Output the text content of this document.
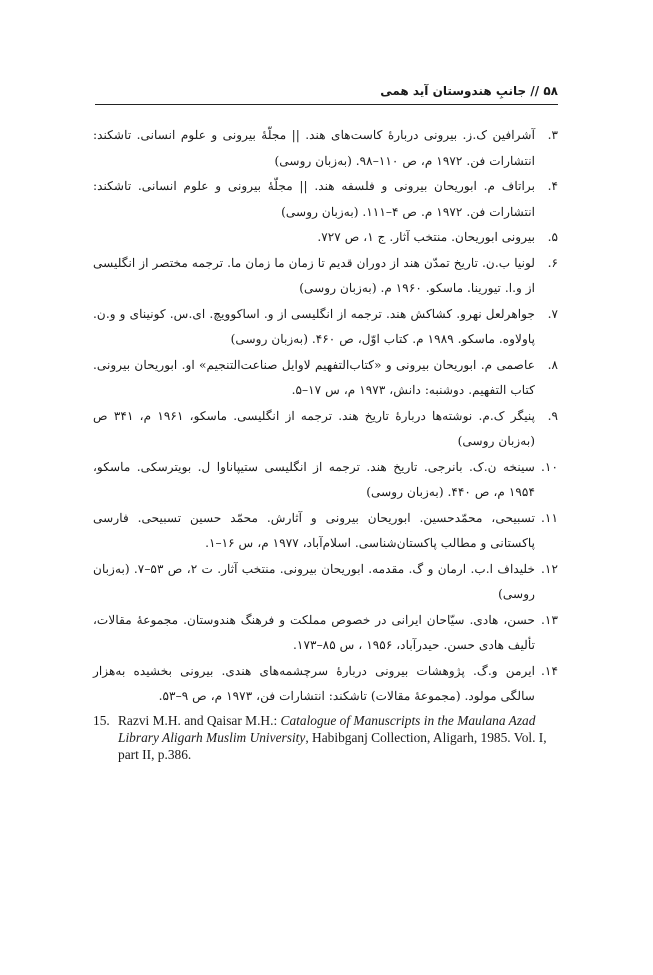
۵۸ // جانبِ هندوستان آید همی
۳.
آشرافین ک.ز. بیرونی دربارۀ کاست‌های هند. || مجلّۀ بیرونی و علوم انسانی. تاشکند: انتشارات فن. ۱۹۷۲ م، ص ۱۱۰–۹۸. (به‌زبان روسی)
۴.
براتاف م. ابوریحان بیرونی و فلسفه هند. || مجلّۀ بیرونی و علوم انسانی. تاشکند: انتشارات فن. ۱۹۷۲ م. ص ۴–۱۱۱. (به‌زبان روسی)
۵.
بیرونی ابوریحان. منتخب آثار. ج ۱، ص ۷۲۷.
۶.
لونیا ب.ن. تاریخ تمدّن هند از دوران قدیم تا زمان ما زمان ما. ترجمه مختصر از انگلیسی از و.ا. تیورینا. ماسکو. ۱۹۶۰ م. (به‌زبان روسی)
۷.
جواهرلعل نهرو. کشاکش هند. ترجمه از انگلیسی از و. اساکوویچ. ای.س. کونینای و و.ن. پاولاوه. ماسکو. ۱۹۸۹ م. کتاب اوّل، ص ۴۶۰. (به‌زبان روسی)
۸.
عاصمی م. ابوریحان بیرونی و «کتاب‌التفهیم لاوایل صناعت‌التنجیم» او. ابوریحان بیرونی. کتاب التفهیم. دوشنبه: دانش، ۱۹۷۳ م، س ۱۷–۵.
۹.
پنیگر ک.م. نوشته‌ها دربارۀ تاریخ هند. ترجمه از انگلیسی. ماسکو، ۱۹۶۱ م، ۳۴۱ ص (به‌زبان روسی)
۱۰.
سینخه ن.ک. بانرجی. تاریخ هند. ترجمه از انگلیسی ستیپاناوا ل. بویترسکی. ماسکو، ۱۹۵۴ م، ص ۴۴۰. (به‌زبان روسی)
۱۱.
تسبیحی، محمّدحسین. ابوریحان بیرونی و آثارش. محمّد حسین تسبیحی. فارسی پاکستانی و مطالب پاکستان‌شناسی. اسلام‌آباد، ۱۹۷۷ م، س ۱۶–۱.
۱۲.
خلیداف ا.ب. ارمان و گ. مقدمه. ابوریحان بیرونی. منتخب آثار. ت ۲، ص ۵۳–۷. (به‌زبان روسی)
۱۳.
حسن، هادی. سیّاحان ایرانی در خصوص مملکت و فرهنگ هندوستان. مجموعۀ مقالات، تألیف هادی حسن. حیدرآباد، ۱۹۵۶ ، س ۸۵–۱۷۳.
۱۴.
ایرمن و.گ. پژوهشات بیرونی دربارۀ سرچشمه‌های هندی. بیرونی بخشیده به‌هزار سالگی مولود. (مجموعۀ مقالات) تاشکند: انتشارات فن، ۱۹۷۳ م، ص ۹–۵۳.
15. Razvi M.H. and Qaisar M.H.: Catalogue of Manuscripts in the Maulana Azad Library Aligarh Muslim University, Habibganj Collection, Aligarh, 1985. Vol. I, part II, p.386.
